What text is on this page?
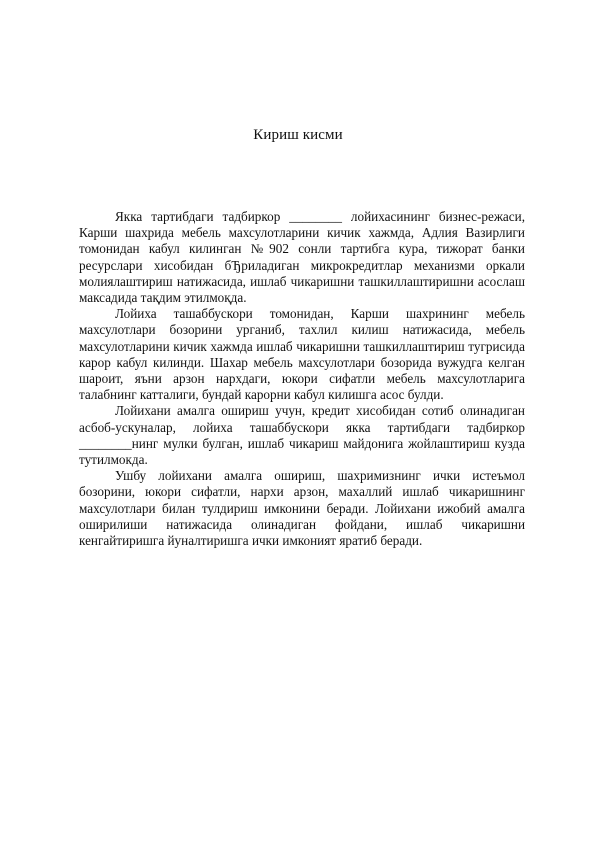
Кириш кисми

Якка тартибдаги тадбиркор ________ лойихасининг бизнес-режаси, Карши шахрида мебель махсулотларини кичик хажмда, Адлия Вазирлиги томонидан кабул килинган №902 сонли тартибга кура, тижорат банки ресурслари хисобидан бЂриладиган микрокредитлар механизми оркали молиялаштириш натижасида, ишлаб чикаришни ташкиллаштиришни асослаш максадида тақдим этилмоқда.

Лойиха ташаббускори томонидан, Карши шахрининг мебель махсулотлари бозорини урганиб, тахлил килиш натижасида, мебель махсулотларини кичик хажмда ишлаб чикаришни ташкиллаштириш тугрисида карор кабул килинди. Шахар мебель махсулотлари бозорида вужудга келган шароит, яъни арзон нархдаги, юкори сифатли мебель махсулотларига талабнинг катталиги, бундай карорни кабул килишга асос булди.

Лойихани амалга ошириш учун, кредит хисобидан сотиб олинадиган асбоб-ускуналар, лойиха ташаббускори якка тартибдаги тадбиркор ________нинг мулки булган, ишлаб чикариш майдонига жойлаштириш кузда тутилмокда.

Ушбу лойихани амалга ошириш, шахримизнинг ички истеъмол бозорини, юкори сифатли, нархи арзон, махаллий ишлаб чикаришнинг махсулотлари билан тулдириш имконини беради. Лойихани ижобий амалга оширилиши натижасида олинадиган фойдани, ишлаб чикаришни кенгайтиришга йуналтиришга ички имконият яратиб беради.
